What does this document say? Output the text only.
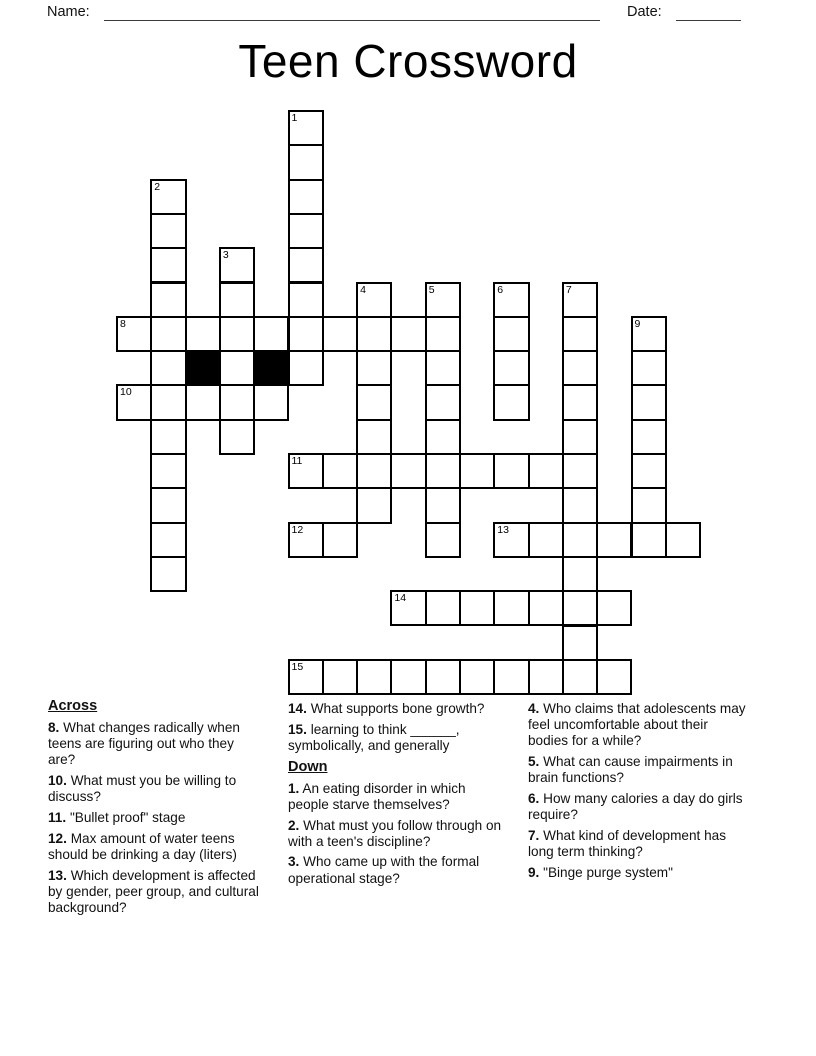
Name:	Date:
Teen Crossword
1
2
3
4	5	6	7
8	9
10
11
12	13
14
15

Across

8. What changes radically when teens are figuring out who they are?

10. What must you be willing to discuss?

11. "Bullet proof" stage

12. Max amount of water teens should be drinking a day (liters)

13. Which development is affected by gender, peer group, and cultural background?

14. What supports bone growth?

15. learning to think ______, symbolically, and generally

Down

1. An eating disorder in which people starve themselves?

2. What must you follow through on with a teen's discipline?

3. Who came up with the formal operational stage?

4. Who claims that adolescents may feel uncomfortable about their bodies for a while?

5. What can cause impairments in brain functions?

6. How many calories a day do girls require?

7. What kind of development has long term thinking?

9. "Binge purge system"
